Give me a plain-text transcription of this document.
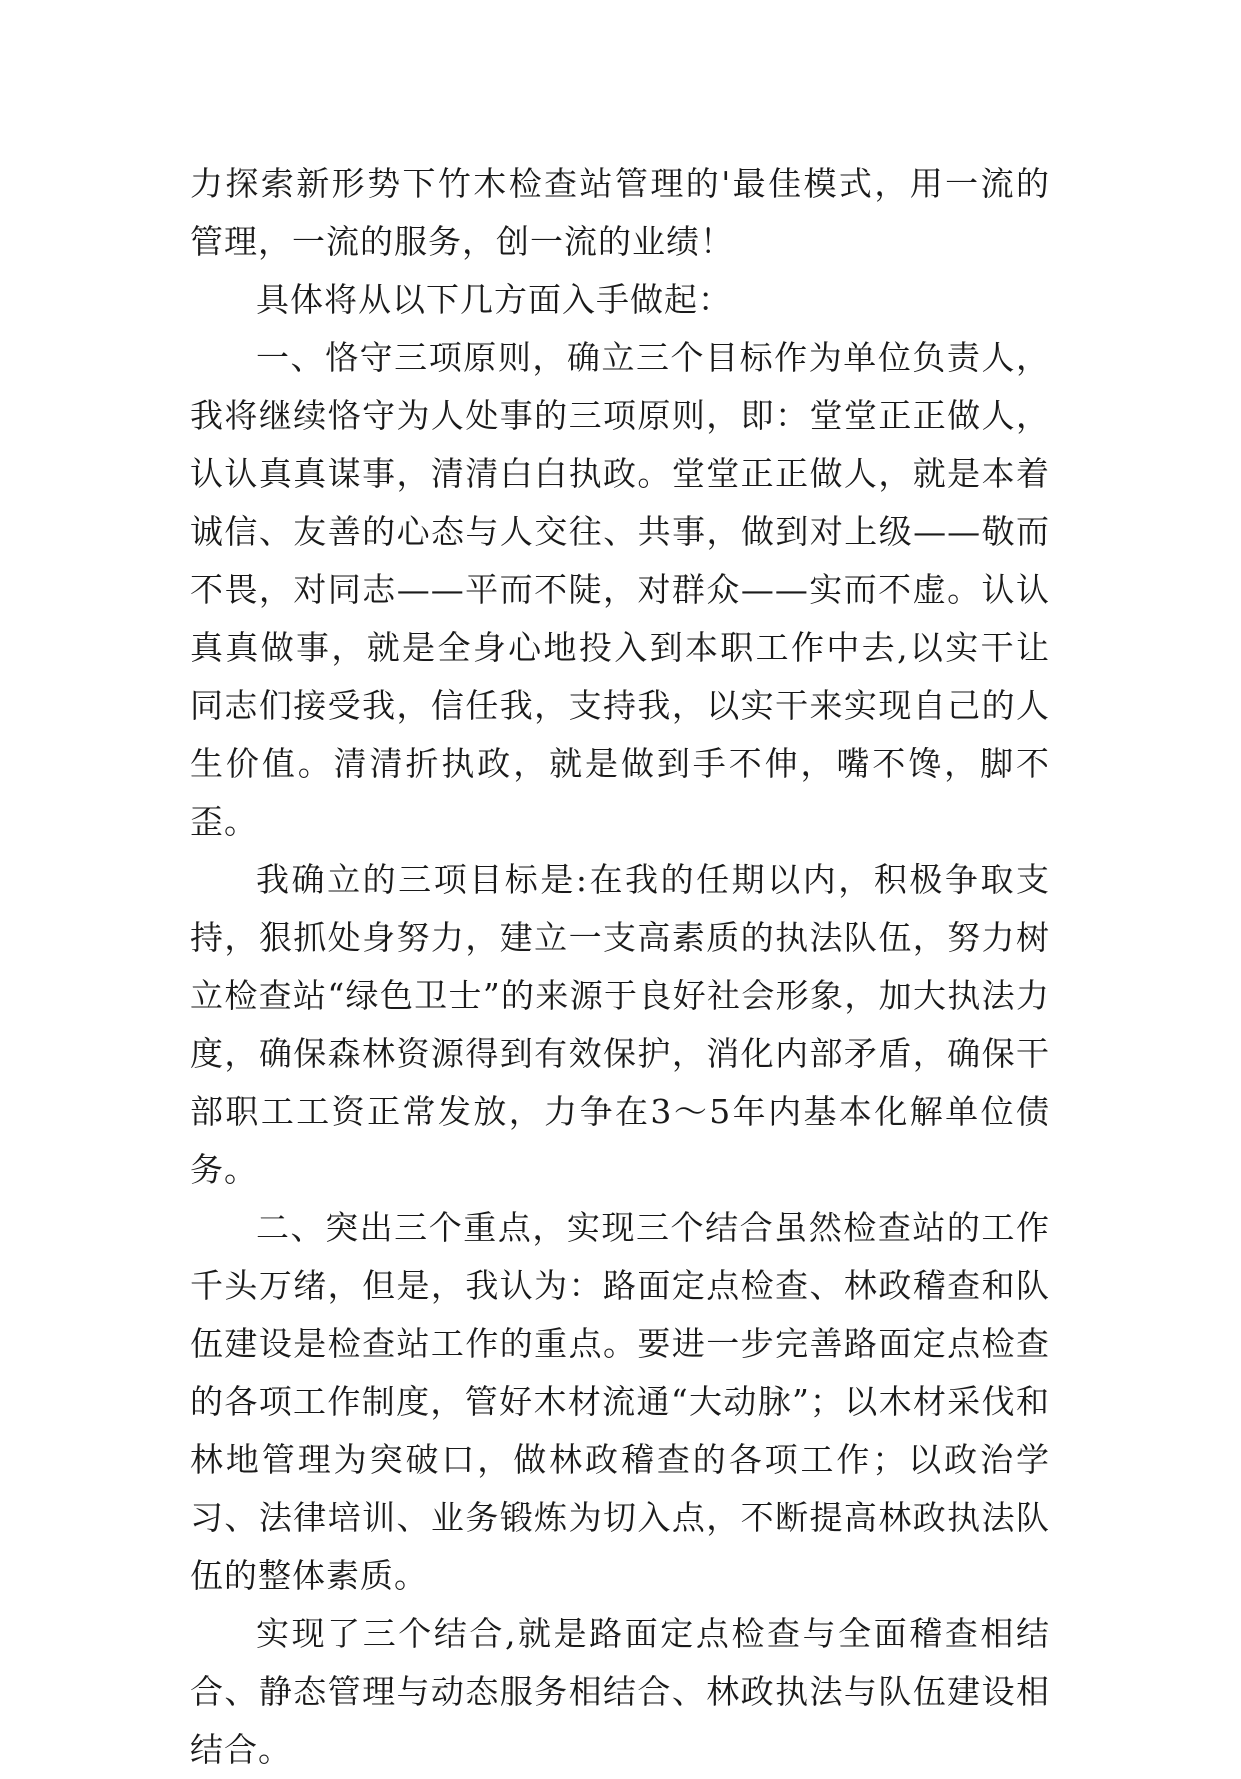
力探索新形势下竹木检查站管理的'最佳模式，用一流的管理，一流的服务，创一流的业绩！

具体将从以下几方面入手做起：

一、恪守三项原则，确立三个目标作为单位负责人，我将继续恪守为人处事的三项原则，即：堂堂正正做人，认认真真谋事，清清白白执政。堂堂正正做人，就是本着诚信、友善的心态与人交往、共事，做到对上级——敬而不畏，对同志——平而不陡，对群众——实而不虚。认认真真做事，就是全身心地投入到本职工作中去,以实干让同志们接受我，信任我，支持我，以实干来实现自己的人生价值。清清折执政，就是做到手不伸，嘴不馋，脚不歪。

我确立的三项目标是:在我的任期以内，积极争取支持，狠抓处身努力，建立一支高素质的执法队伍，努力树立检查站“绿色卫士”的来源于良好社会形象，加大执法力度，确保森林资源得到有效保护，消化内部矛盾，确保干部职工工资正常发放，力争在3～5年内基本化解单位债务。

二、突出三个重点，实现三个结合虽然检查站的工作千头万绪，但是，我认为：路面定点检查、林政稽查和队伍建设是检查站工作的重点。要进一步完善路面定点检查的各项工作制度，管好木材流通“大动脉”；以木材采伐和林地管理为突破口，做林政稽查的各项工作；以政治学习、法律培训、业务锻炼为切入点，不断提高林政执法队伍的整体素质。

实现了三个结合,就是路面定点检查与全面稽查相结合、静态管理与动态服务相结合、林政执法与队伍建设相结合。
